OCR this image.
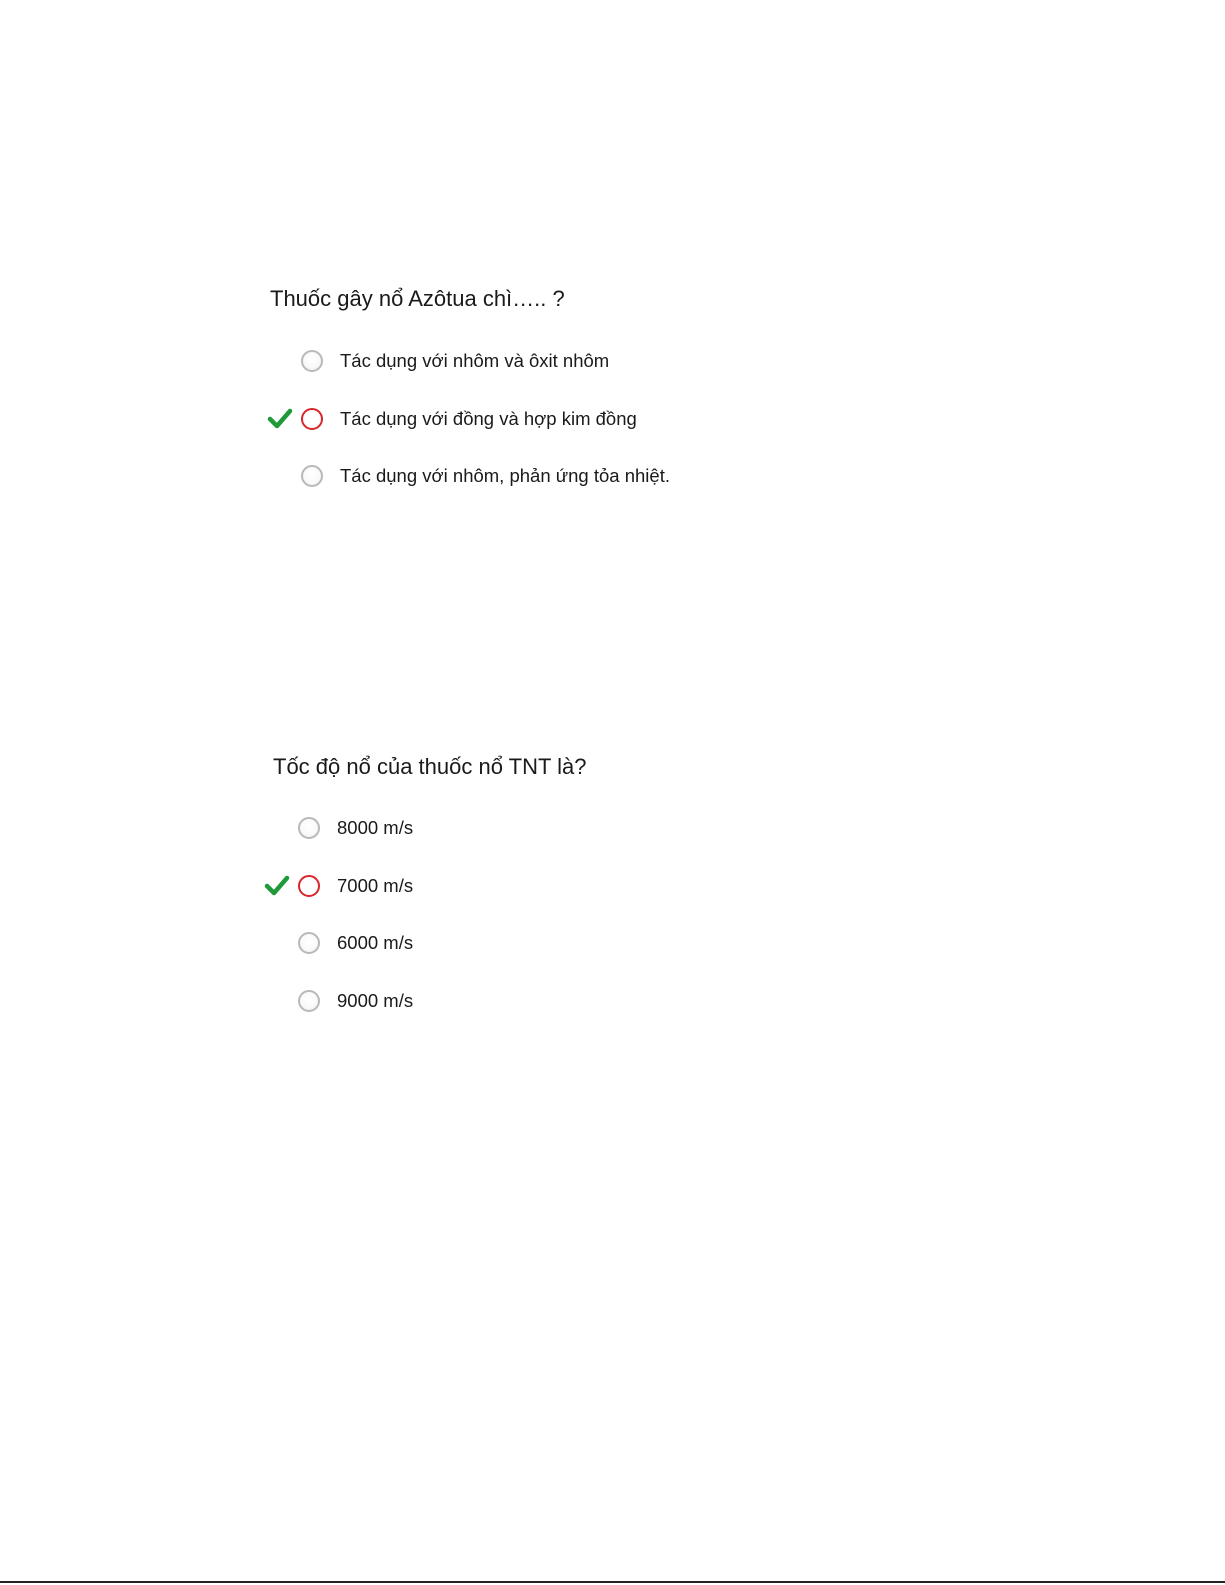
Thuốc gây nổ Azôtua chì….. ?
Tác dụng với nhôm và ôxit nhôm
Tác dụng với đồng và hợp kim đồng
Tác dụng với nhôm, phản ứng tỏa nhiệt.
Tốc độ nổ của thuốc nổ TNT là?
8000 m/s
7000 m/s
6000 m/s
9000 m/s
